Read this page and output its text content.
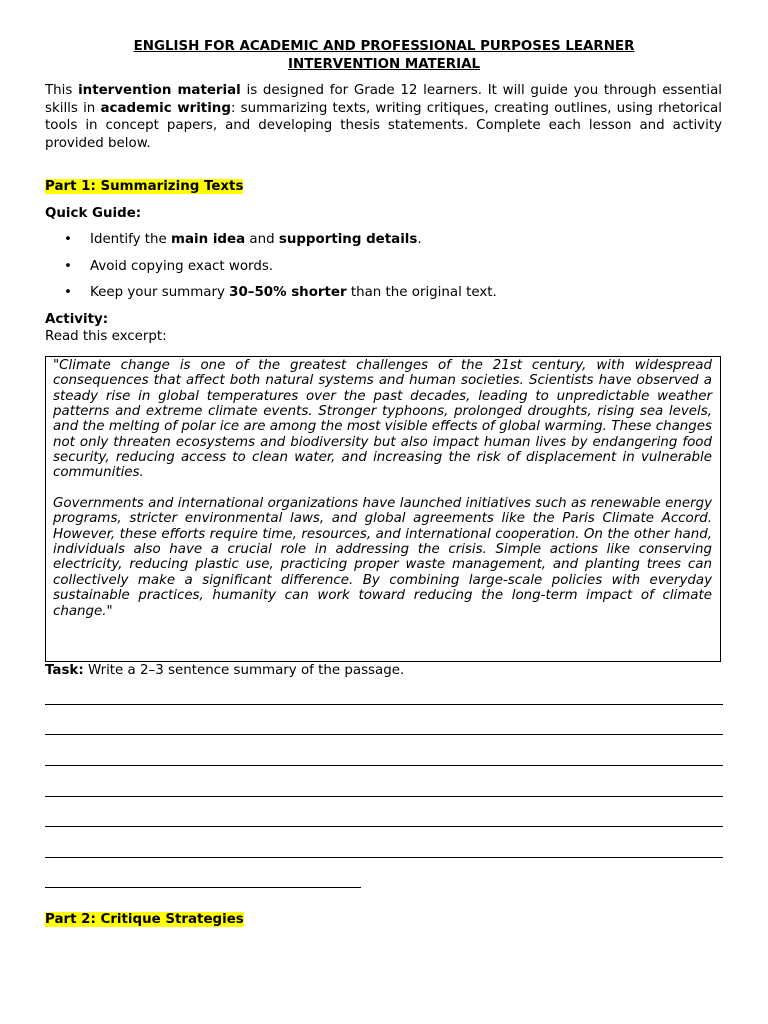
ENGLISH FOR ACADEMIC AND PROFESSIONAL PURPOSES LEARNER
INTERVENTION MATERIAL
This intervention material is designed for Grade 12 learners. It will guide you through essential skills in academic writing: summarizing texts, writing critiques, creating outlines, using rhetorical tools in concept papers, and developing thesis statements. Complete each lesson and activity provided below.
Part 1: Summarizing Texts
Quick Guide:
• Identify the main idea and supporting details.
• Avoid copying exact words.
• Keep your summary 30–50% shorter than the original text.
Activity:
Read this excerpt:

"Climate change is one of the greatest challenges of the 21st century, with widespread consequences that affect both natural systems and human societies. Scientists have observed a steady rise in global temperatures over the past decades, leading to unpredictable weather patterns and extreme climate events. Stronger typhoons, prolonged droughts, rising sea levels, and the melting of polar ice are among the most visible effects of global warming. These changes not only threaten ecosystems and biodiversity but also impact human lives by endangering food security, reducing access to clean water, and increasing the risk of displacement in vulnerable communities.

Governments and international organizations have launched initiatives such as renewable energy programs, stricter environmental laws, and global agreements like the Paris Climate Accord. However, these efforts require time, resources, and international cooperation. On the other hand, individuals also have a crucial role in addressing the crisis. Simple actions like conserving electricity, reducing plastic use, practicing proper waste management, and planting trees can collectively make a significant difference. By combining large-scale policies with everyday sustainable practices, humanity can work toward reducing the long-term impact of climate change."

Task: Write a 2–3 sentence summary of the passage.
Part 2: Critique Strategies
